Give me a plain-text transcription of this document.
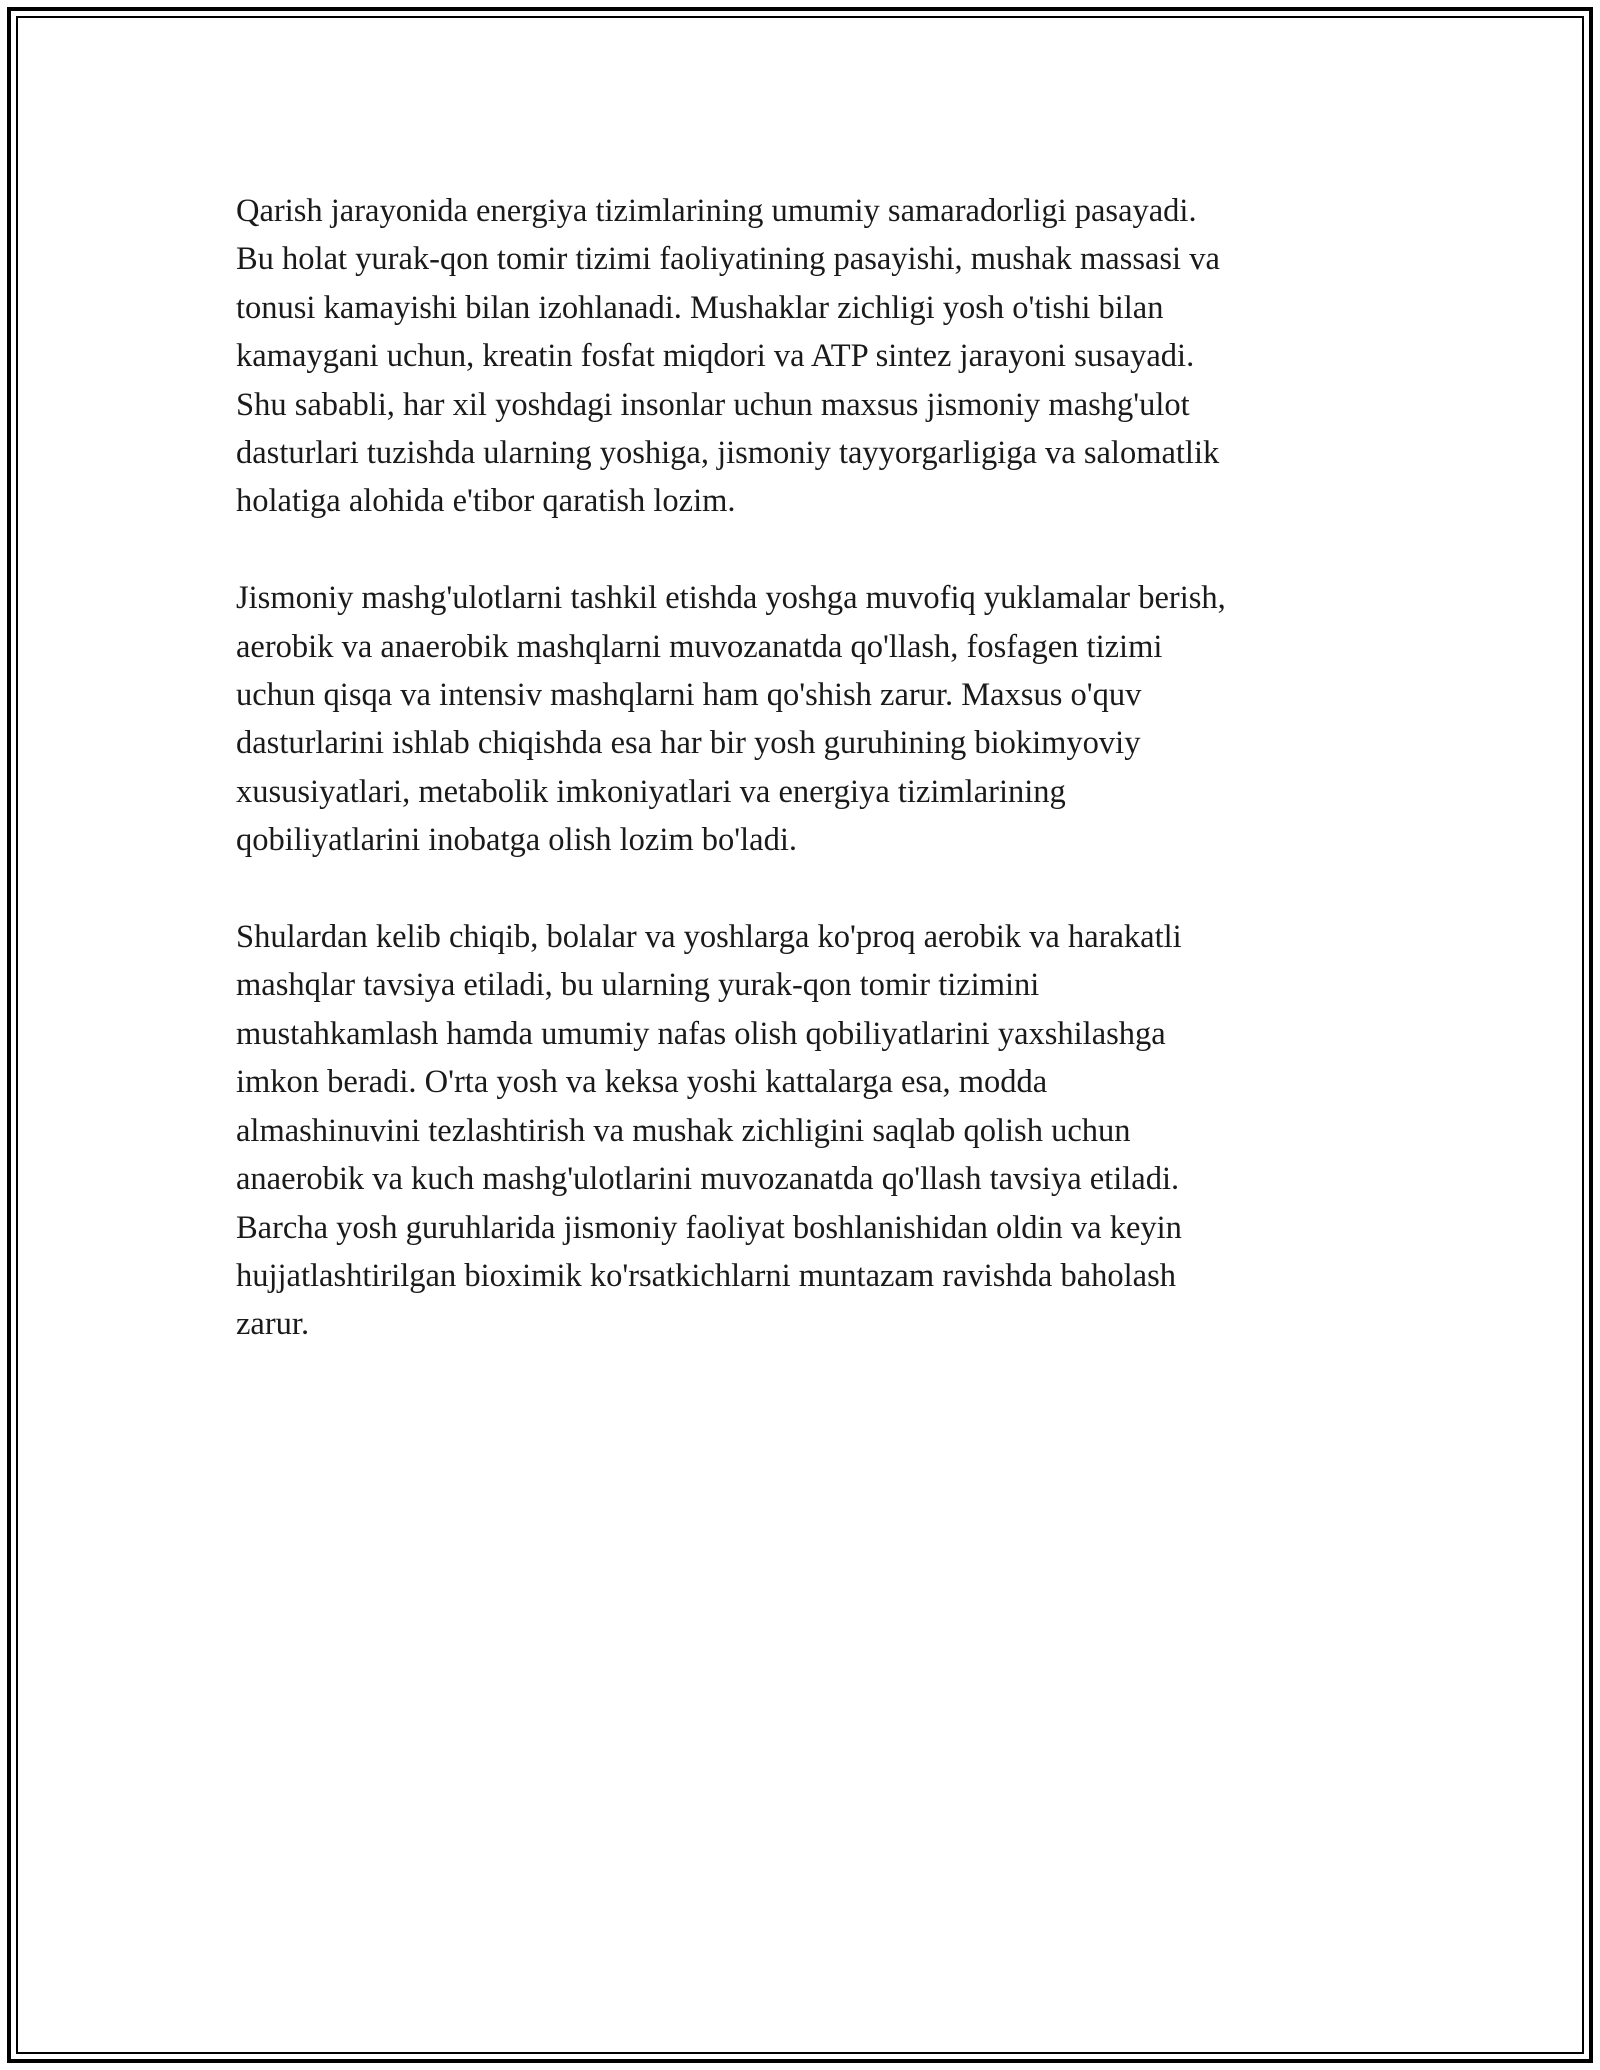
Qarish jarayonida energiya tizimlarining umumiy samaradorligi pasayadi.
Bu holat yurak-qon tomir tizimi faoliyatining pasayishi, mushak massasi va
tonusi kamayishi bilan izohlanadi. Mushaklar zichligi yosh o'tishi bilan
kamaygani uchun, kreatin fosfat miqdori va ATP sintez jarayoni susayadi.
Shu sababli, har xil yoshdagi insonlar uchun maxsus jismoniy mashg'ulot
dasturlari tuzishda ularning yoshiga, jismoniy tayyorgarligiga va salomatlik
holatiga alohida e'tibor qaratish lozim.

Jismoniy mashg'ulotlarni tashkil etishda yoshga muvofiq yuklamalar berish,
aerobik va anaerobik mashqlarni muvozanatda qo'llash, fosfagen tizimi
uchun qisqa va intensiv mashqlarni ham qo'shish zarur. Maxsus o'quv
dasturlarini ishlab chiqishda esa har bir yosh guruhining biokimyoviy
xususiyatlari, metabolik imkoniyatlari va energiya tizimlarining
qobiliyatlarini inobatga olish lozim bo'ladi.

Shulardan kelib chiqib, bolalar va yoshlarga ko'proq aerobik va harakatli
mashqlar tavsiya etiladi, bu ularning yurak-qon tomir tizimini
mustahkamlash hamda umumiy nafas olish qobiliyatlarini yaxshilashga
imkon beradi. O'rta yosh va keksa yoshi kattalarga esa, modda
almashinuvini tezlashtirish va mushak zichligini saqlab qolish uchun
anaerobik va kuch mashg'ulotlarini muvozanatda qo'llash tavsiya etiladi.
Barcha yosh guruhlarida jismoniy faoliyat boshlanishidan oldin va keyin
hujjatlashtirilgan bioximik ko'rsatkichlarni muntazam ravishda baholash
zarur.
